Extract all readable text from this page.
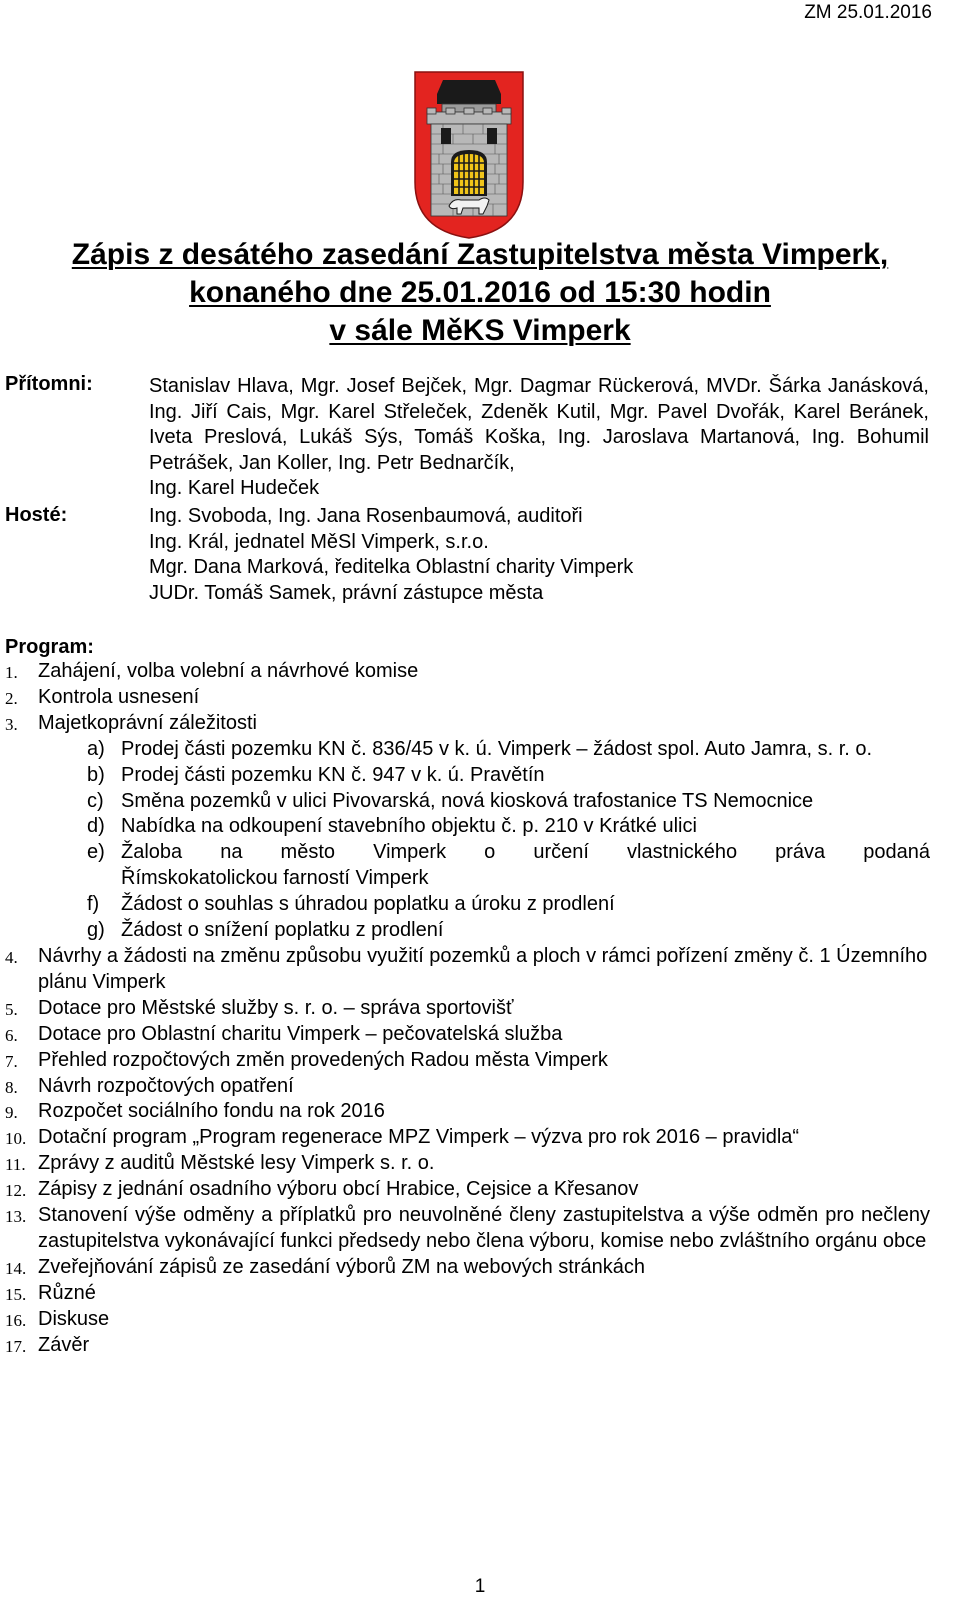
ZM 25.01.2016
Zápis z desátého zasedání Zastupitelstva města Vimperk,
konaného dne 25.01.2016 od 15:30 hodin
v sále MěKS Vimperk
Přítomni:	Stanislav Hlava, Mgr. Josef Bejček, Mgr. Dagmar Rückerová, MVDr. Šárka Janásková, Ing. Jiří Cais, Mgr. Karel Střeleček, Zdeněk Kutil, Mgr. Pavel Dvořák, Karel Beránek, Iveta Preslová, Lukáš Sýs, Tomáš Koška, Ing. Jaroslava Martanová, Ing. Bohumil Petrášek, Jan Koller, Ing. Petr Bednarčík,
Ing. Karel Hudeček
Hosté:	Ing. Svoboda, Ing. Jana Rosenbaumová, auditoři
Ing. Král, jednatel MěSl Vimperk, s.r.o.
Mgr. Dana Marková, ředitelka Oblastní charity Vimperk
JUDr. Tomáš Samek, právní zástupce města
Program:
1. Zahájení, volba volební a návrhové komise
2. Kontrola usnesení
3. Majetkoprávní záležitosti
a) Prodej části pozemku KN č. 836/45 v k. ú. Vimperk – žádost spol. Auto Jamra, s. r. o.
b) Prodej části pozemku KN č. 947 v k. ú. Pravětín
c) Směna pozemků v ulici Pivovarská, nová kiosková trafostanice TS Nemocnice
d) Nabídka na odkoupení stavebního objektu č. p. 210 v Krátké ulici
e) Žaloba na město Vimperk o určení vlastnického práva podaná
Římskokatolickou farností Vimperk
f) Žádost o souhlas s úhradou poplatku a úroku z prodlení
g) Žádost o snížení poplatku z prodlení
4. Návrhy a žádosti na změnu způsobu využití pozemků a ploch v rámci pořízení změny č. 1 Územního plánu Vimperk
5. Dotace pro Městské služby s. r. o. – správa sportovišť
6. Dotace pro Oblastní charitu Vimperk – pečovatelská služba
7. Přehled rozpočtových změn provedených Radou města Vimperk
8. Návrh rozpočtových opatření
9. Rozpočet sociálního fondu na rok 2016
10. Dotační program „Program regenerace MPZ Vimperk – výzva pro rok 2016 – pravidla“
11. Zprávy z auditů Městské lesy Vimperk s. r. o.
12. Zápisy z jednání osadního výboru obcí Hrabice, Cejsice a Křesanov
13. Stanovení výše odměny a příplatků pro neuvolněné členy zastupitelstva a výše odměn pro nečleny zastupitelstva vykonávající funkci předsedy nebo člena výboru, komise nebo zvláštního orgánu obce
14. Zveřejňování zápisů ze zasedání výborů ZM na webových stránkách
15. Různé
16. Diskuse
17. Závěr
1
